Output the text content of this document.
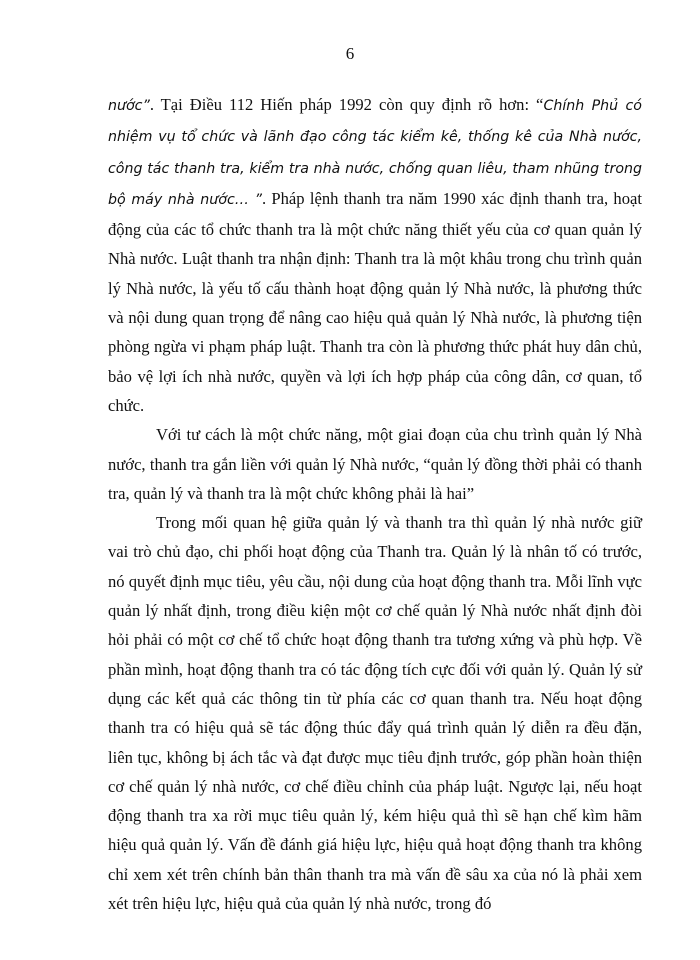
6

nước”. Tại Điều 112 Hiến pháp 1992 còn quy định rõ hơn: “Chính Phủ có nhiệm vụ tổ chức và lãnh đạo công tác kiểm kê, thống kê của Nhà nước, công tác thanh tra, kiểm tra nhà nước, chống quan liêu, tham nhũng trong bộ máy nhà nước… ”. Pháp lệnh thanh tra năm 1990 xác định thanh tra, hoạt động của các tổ chức thanh tra là một chức năng thiết yếu của cơ quan quản lý Nhà nước. Luật thanh tra nhận định: Thanh tra là một khâu trong chu trình quản lý Nhà nước, là yếu tố cấu thành hoạt động quản lý Nhà nước, là phương thức và nội dung quan trọng để nâng cao hiệu quả quản lý Nhà nước, là phương tiện phòng ngừa vi phạm pháp luật. Thanh tra còn là phương thức phát huy dân chủ, bảo vệ lợi ích nhà nước, quyền và lợi ích hợp pháp của công dân, cơ quan, tổ chức.

Với tư cách là một chức năng, một giai đoạn của chu trình quản lý Nhà nước, thanh tra gắn liền với quản lý Nhà nước, “quản lý đồng thời phải có thanh tra, quản lý và thanh tra là một chức không phải là hai”

Trong mối quan hệ giữa quản lý và thanh tra thì quản lý nhà nước giữ vai trò chủ đạo, chi phối hoạt động của Thanh tra. Quản lý là nhân tố có trước, nó quyết định mục tiêu, yêu cầu, nội dung của hoạt động thanh tra. Mỗi lĩnh vực quản lý nhất định, trong điều kiện một cơ chế quản lý Nhà nước nhất định đòi hỏi phải có một cơ chế tổ chức hoạt động thanh tra tương xứng và phù hợp. Về phần mình, hoạt động thanh tra có tác động tích cực đối với quản lý. Quản lý sử dụng các kết quả các thông tin từ phía các cơ quan thanh tra. Nếu hoạt động thanh tra có hiệu quả sẽ tác động thúc đẩy quá trình quản lý diễn ra đều đặn, liên tục, không bị ách tắc và đạt được mục tiêu định trước, góp phần hoàn thiện cơ chế quản lý nhà nước, cơ chế điều chỉnh của pháp luật. Ngược lại, nếu hoạt động thanh tra xa rời mục tiêu quản lý, kém hiệu quả thì sẽ hạn chế kìm hãm hiệu quả quản lý. Vấn đề đánh giá hiệu lực, hiệu quả hoạt động thanh tra không chỉ xem xét trên chính bản thân thanh tra mà vấn đề sâu xa của nó là phải xem xét trên hiệu lực, hiệu quả của quản lý nhà nước, trong đó
